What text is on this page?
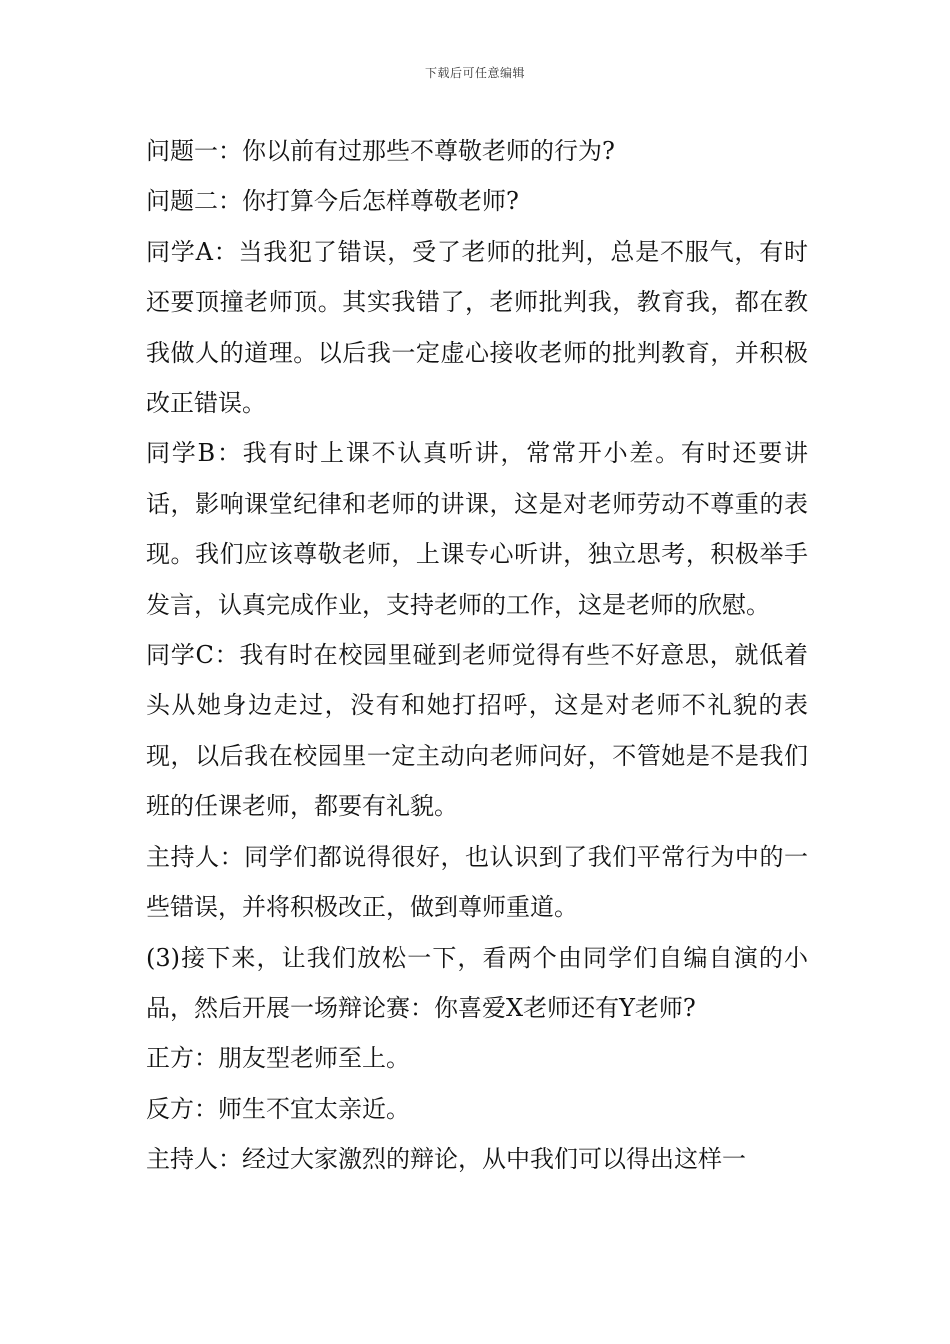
下载后可任意编辑

问题一：你以前有过那些不尊敬老师的行为?

问题二：你打算今后怎样尊敬老师?

同学A：当我犯了错误，受了老师的批判，总是不服气，有时还要顶撞老师顶。其实我错了，老师批判我，教育我，都在教我做人的道理。以后我一定虚心接收老师的批判教育，并积极改正错误。

同学B：我有时上课不认真听讲，常常开小差。有时还要讲话，影响课堂纪律和老师的讲课，这是对老师劳动不尊重的表现。我们应该尊敬老师，上课专心听讲，独立思考，积极举手发言，认真完成作业，支持老师的工作，这是老师的欣慰。

同学C：我有时在校园里碰到老师觉得有些不好意思，就低着头从她身边走过，没有和她打招呼，这是对老师不礼貌的表现，以后我在校园里一定主动向老师问好，不管她是不是我们班的任课老师，都要有礼貌。

主持人：同学们都说得很好，也认识到了我们平常行为中的一些错误，并将积极改正，做到尊师重道。

(3)接下来，让我们放松一下，看两个由同学们自编自演的小品，然后开展一场辩论赛：你喜爱X老师还有Y老师?

正方：朋友型老师至上。

反方：师生不宜太亲近。

主持人：经过大家激烈的辩论，从中我们可以得出这样一
